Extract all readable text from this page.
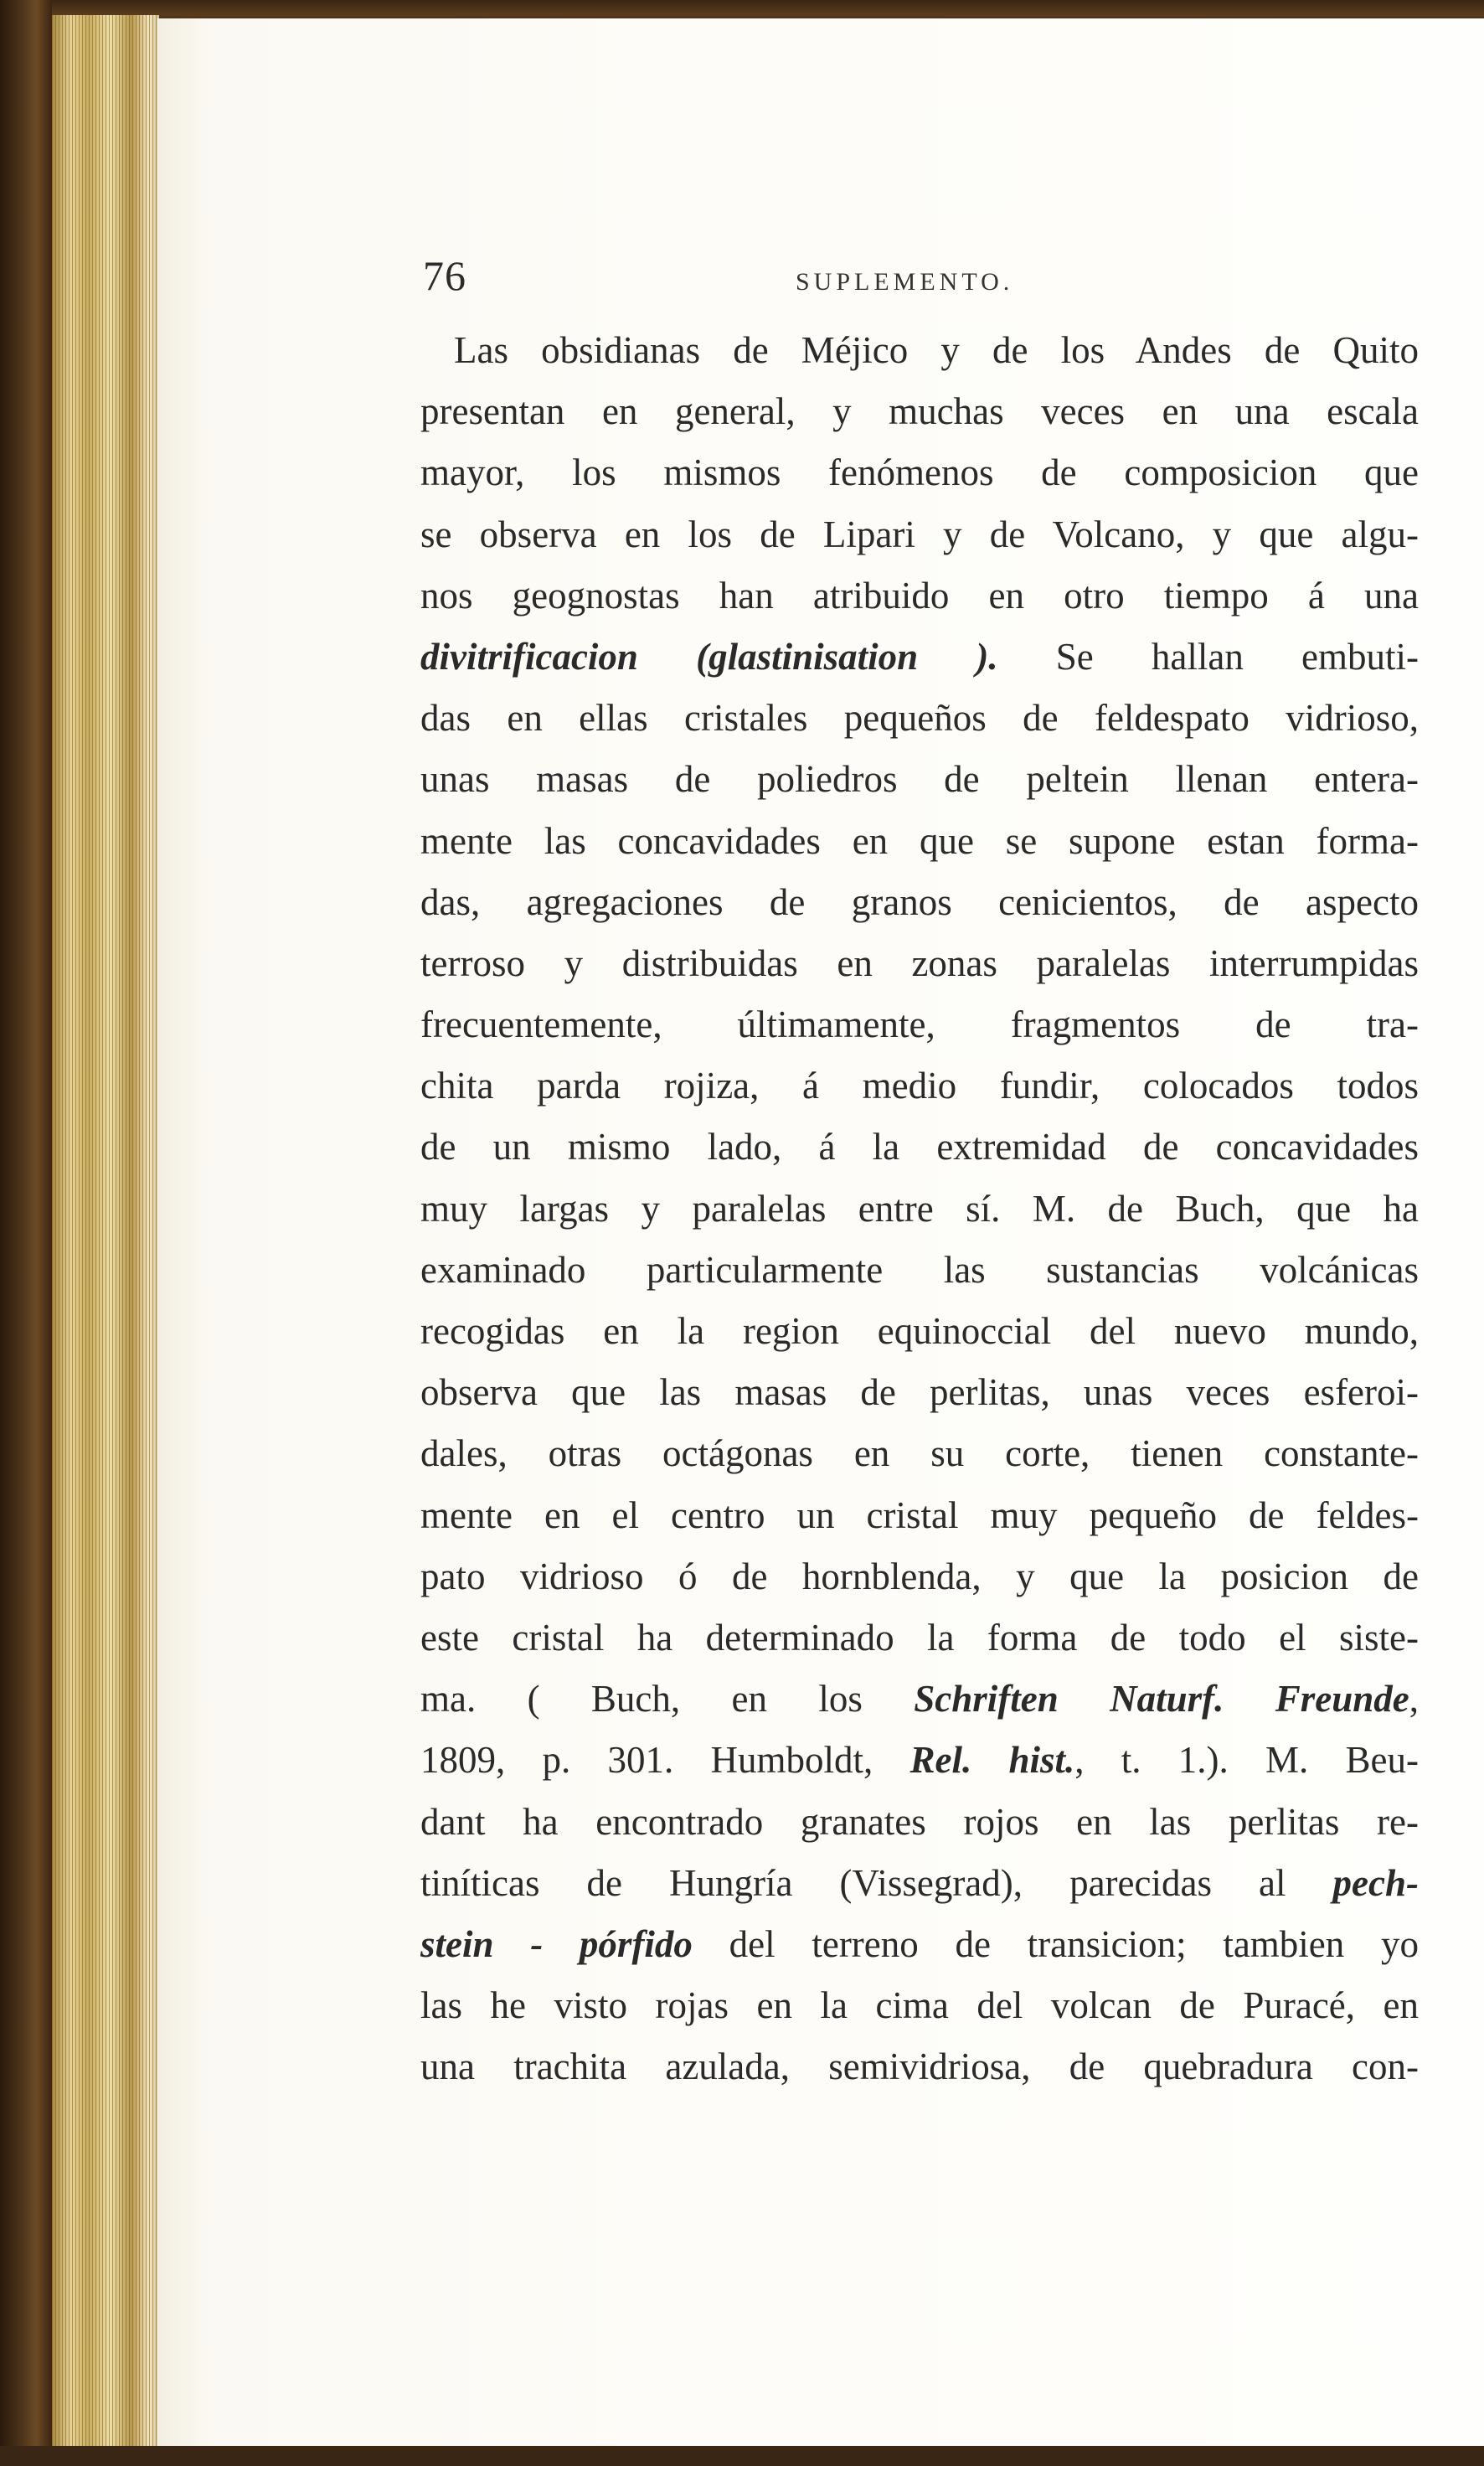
76	SUPLEMENTO.
Las obsidianas de Méjico y de los Andes de Quito
presentan en general, y muchas veces en una escala
mayor, los mismos fenómenos de composicion que
se observa en los de Lipari y de Volcano, y que algu-
nos geognostas han atribuido en otro tiempo á una
divitrificacion (glastinisation ). Se hallan embuti-
das en ellas cristales pequeños de feldespato vidrioso,
unas masas de poliedros de peltein llenan entera-
mente las concavidades en que se supone estan forma-
das, agregaciones de granos cenicientos, de aspecto
terroso y distribuidas en zonas paralelas interrumpidas
frecuentemente, últimamente, fragmentos de tra-
chita parda rojiza, á medio fundir, colocados todos
de un mismo lado, á la extremidad de concavidades
muy largas y paralelas entre sí. M. de Buch, que ha
examinado particularmente las sustancias volcánicas
recogidas en la region equinoccial del nuevo mundo,
observa que las masas de perlitas, unas veces esferoi-
dales, otras octágonas en su corte, tienen constante-
mente en el centro un cristal muy pequeño de feldes-
pato vidrioso ó de hornblenda, y que la posicion de
este cristal ha determinado la forma de todo el siste-
ma. ( Buch, en los Schriften Naturf. Freunde,
1809, p. 301. Humboldt, Rel. hist., t. 1.). M. Beu-
dant ha encontrado granates rojos en las perlitas re-
tiníticas de Hungría (Vissegrad), parecidas al pech-
stein - pórfido del terreno de transicion; tambien yo
las he visto rojas en la cima del volcan de Puracé, en
una trachita azulada, semividriosa, de quebradura con-
